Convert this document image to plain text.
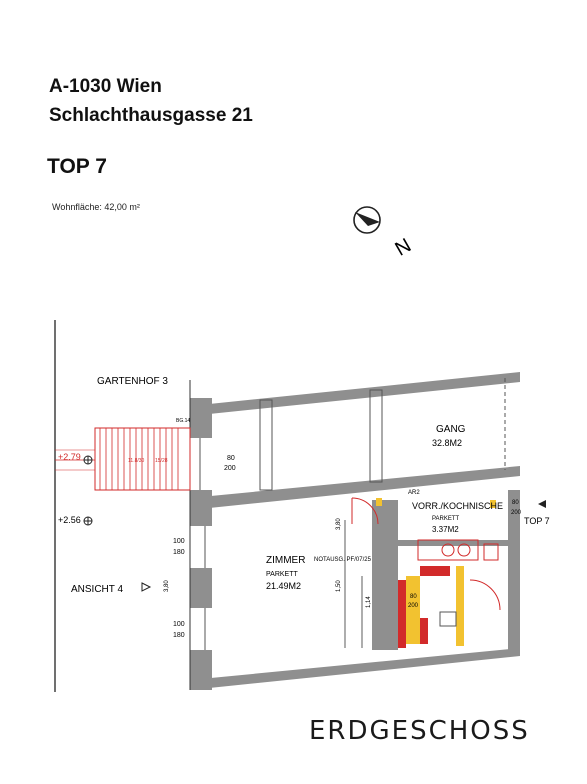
A-1030 Wien
Schlachthausgasse 21
TOP 7
Wohnfläche: 42,00 m²
N
11.8/30 15/28
GARTENHOF 3
BG.14
+2.79
+2.56
ANSICHT 4
80
200
100
180
100
180
3,80
3,80
1,50
1,14
GANG
32.8M2
ZIMMER
PARKETT
21.49M2
VORR./KOCHNISCHE
PARKETT
3.37M2
NOTAUSG. PF/07/25
TOP 7
80
200
AR2
80
200
ERDGESCHOSS
